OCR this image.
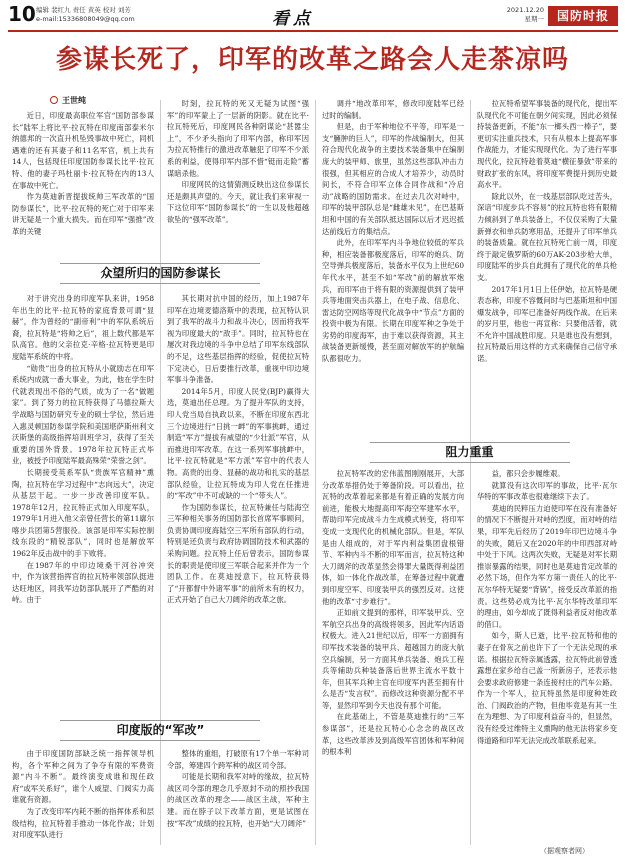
10 编辑 裴红九 责任 黄英 校对 刘芳
e-mail:15336808049@qq.com	看点	2021.12.20
星期一	国防时报
参谋长死了，印军的改革之路会人走茶凉吗
王世纯

近日，印度最高职位军官“国防部参谋长”陆军上将比平·拉瓦特在印度南部泰米尔纳德邦的一次直升机坠毁事故中死亡，同机遇难的还有其妻子和11名军官，机上共有14人，包括现任印度国防参谋长比平·拉瓦特、他的妻子玛杜丽卡·拉瓦特在内的13人在事故中死亡。

作为莫迪新晋提拔统帅三军改革的“国防参谋长”，比平·拉瓦特的死亡对于印军来讲无疑是一个重大损失。而在印军“强推”改革的关键

时刻，拉瓦特的死又无疑为试图“强军”的印军蒙上了一层新的阴影。就在比平·拉瓦特死后，印度网民各种阴谋论“甚嚣尘上”，不少矛头指向了印军内部，称印军因为拉瓦特推行的激进改革触犯了印军不少派系的利益，使得印军内部不惜“铤而走险”蓄谋暗杀他。

印度网民的这情猜测反映出这位参谋长还是颇具声望的。今天，就让我们来审视一下这位印军“国防参谋长”的一生以及他超越欲坠的“强军改革”。

众望所归的国防参谋长

对于讲究出身的印度军队来讲，1958年出生的比平·拉瓦特的家庭背景可谓“显赫”，作为曾经的“副帝利”中的军队系统后裔，拉瓦特是“将帅之后”，祖上数代都是军队高官。他的父亲拉克·辛格·拉瓦特更是印度陆军系统的中将。

“勋贵”出身的拉瓦特从小就励志在印军系统内成就一番大事业，为此，他在学生时代就表现出不俗的气质，成为了一名“做题家”。到了努力的拉瓦特获得了马德拉斯大学战略与国防研究专业的硕士学位，然后进入惠灵顿国防参谋学院和美国堪萨斯州利文沃斯堡的高级指挥培训班学习，获得了至关重要的国外背景。1978年拉瓦特正式毕业，被授予印度陆军最高殊荣“荣誉之剑”。

长期接受英系军队“贵族军官精神”熏陶，拉瓦特在学习过程中“志向远大”，决定从基层干起。一步一步改善印度军队。1978年12月，拉瓦特正式加入印度军队，1979年1月进入他父亲曾任营长的第11廓尔喀步兵团第5营服役。该部是印军实际控制线东段的“精锐部队”，同时也是解放军1962年反击战中的手下败将。

在1987年的中印边境桑干河谷冲突中，作为该营指挥官的拉瓦特率领部队挺进达旺地区，同我军边防部队展开了严酷的对峙。由于

其长期对抗中国的经历，加上1987年印军在边境麦德洛斯中的表现，拉瓦特认识到了我军的战斗力和战斗决心，因而将我军视为印度最大的“敌手”。同时，拉瓦特也在屡次对我边境的斗争中总结了印军东线部队的不足，这些基层指挥的经验，促使拉瓦特下定决心，日后要推行改革，重视中印边境军事斗争准备。

2014年5月，印度人民党(BJP)赢得大选，莫迪出任总理。为了提升军队的支持，印人党当局自执政以来，不断在印度东西北三个边境进行“日挑一衅”的军事挑衅，通过制造“军方”提拔有威望的“少壮派”军官，从而推进印军改革。在这一系列军事挑衅中，比平·拉瓦特就是“军方派”军官中的代表人物。高贵的出身、显赫的战功和扎实的基层部队经验，让拉瓦特成为印人党在任推进的“军改”中不可或缺的一个“带头人”。

作为国防参谋长，拉瓦特兼任与陆海空三军种相关事务的国防部长首席军事顾问，负责协调印度海陆空三军所有部队的行动，特别是还负责与政府协调国防技术和武器的采购问题。拉瓦特上任后曾表示，国防参谋长的职责是使印度三军联合起来并作为一个团队工作。在莫迪授意下，拉瓦特获得了“开都督中外诸军事”的前所未有的权力，正式开始了自己大刀阔斧的改革之旅。

印度版的“军改”

由于印度国防部缺乏统一指挥领导机构，各个军种之间为了争夺有限的军费资源“内斗不断”。最终演变成谁和现任政府“或军关系好”，谁个人威望、门阀实力高谁就有资源。

为了改变印军内耗不断的指挥体系和层级结构，拉瓦特着手推动一体化作战；计划对印度军队进行

整体的重组，打破原有17个单一军种司令部，筹建四个跨军种的战区司令部。

可能是长期和我军对峙的缘故，拉瓦特战区司令部的理念几乎原封不动的照抄我国的战区改革的理念——战区主战，军种主建。而在脖子以下改革方面，更是试图在按“军改”成绩的拉瓦特，也开始“大刀阔斧”

调并“地改革印军，修改印度陆军已经过时的编制。

但是，由于军种地位不平等，印军是一支“臃肿的巨人”，印军的作战编制大，但其符合现代化战争的主要技术装备集中在编制庞大的装甲师、旅里，虽然这些部队冲击力很强，但其相应的合成人才培养少，动员时间长，不符合印军立体合同作战和“冷启动”战略的国防需求。在过去几次对峙中，印军的装甲部队总是“雌雄未见”，在巴基斯坦和中国的有关部队抵达国际以后才迟迟抵达前线后方的集结点。

此外，在印军军内斗争地位较低的军兵种，相应装备都极度落后，印军的炮兵、防空导弹兵极度落后，装备水平仅为上世纪60年代水平，甚至不如“军改”前的解放军炮兵，而印军由于将有限的资源提供到了装甲兵等地面突击兵器上，在电子战、信息化、雷达防空网络等现代化战争中“节点”方面的投资中极为有限。长期在印度军种之争处于劣势的印度海军，由于难以获得资源，其主战装备更新缓慢，甚至面对解放军的护航编队都很吃力。

拉瓦特希望军事装备的现代化，提出军队现代化不可能在朝夕间实现，因此必须保持装备更新，不能“东一榔头西一棒子”，要更切实注重兵技术，只有从根本上提高军事作战能力，才能实现现代化。为了进行军事现代化，拉瓦特趁着莫迪“横征暴敛”带来的财政扩张的东风，将印度军费提升到历史最高水平。

除此以外，在一线基层部队吃过苦头，深谙“印度步兵不容易”的拉瓦特也将有限精力倾斜到了单兵装备上，不仅仅采购了大量新弹衣和单兵防寒用品，还提升了印军单兵的装备质量。就在拉瓦特死亡前一周，印度终于敲定俄罗斯的60万AK-203步枪大单，印度陆军的步兵自此拥有了现代化的单兵枪支。

2017年1月1日上任伊始，拉瓦特是硬表态称，印度不容慨问时与巴基斯坦和中国爆发战争，印军已准备好两线作战。在后来的岁月里，他也一再宣称：只要他活着，就不允许中国战胜印度。只是谁也没有想到，拉瓦特最后用这样的方式来确保自己信守承诺。

阻力重重

拉瓦特军改的宏伟蓝图刚刚展开，大部分改革举措仍处于筹备阶段。可以看出，拉瓦特的改革着起来都是有着正确的发展方向前进，能极大地提高印军海空军建军水平，帮助印军完成战斗力生成模式转变，将印军变成一支现代化的机械化部队。但是，军队是由人组成的，对于军内利益集团盘根错节、军种内斗不断的印军而言，拉瓦特这种大刀阔斧的改革显然会得罪大量既得利益团体，如一体化作战改革，在筹备过程中就遭到印度空军、印度装甲兵的强烈反对。这使他的改革“寸步难行”。

正如前文提到的那样，印军装甲兵、空军航空兵出身的高级将领多，因此军内话语权极大。进入21世纪以后，印军一方面拥有印军技术装备的装甲兵、超越国力的庞大航空兵编制，另一方面其单兵装备、炮兵工程兵等辅助兵种装备落后世界主流水平数十年，但其军兵种主官在印度军内甚至拥有什么是否“发言权”。而修改这种资源分配不平等，显然印军到今天也没有那个可能。

在此基础上，不管是莫迪推行的“三军参谋部”，还是拉瓦特心心念念的战区改革，这些改革涉及到高级军官团体和军种间的根本利

益，都只会步履维艰。

就算没有这次印军的事故，比平·瓦尔华特的军事改革也很难继续下去了。

莫迪的民粹压力迫使印军在没有准备好的情况下不断提升对峙的烈度，而对峙的结果，印军先后经历了2019年印巴边境斗争的失败，随后又在2020年的中印西部对峙中处于下风。这两次失败，无疑是对军长期推崇暴露的结果，同时也是莫迪肯定改革的必然下场，但作为军方第一责任人的比平·瓦尔华特无疑要“背锅”，接受反改革派的指责。这些势必成为比平·瓦尔华特改革印军的理由，如今却成了既得利益者反对他改革的借口。

如今，斯人已逝，比平·拉瓦特和他的妻子在骨灰之前也许下了一个无法兑现的承诺。根据拉瓦特亲属透露，拉瓦特此前曾透露想在家乡给自己盖一所新房子，还表示他会要求政府修建一条连接村庄的汽车公路。作为一个军人，拉瓦特虽然是印度种姓政治、门阀政治的产物，但他毕竟是有其一生在为理想、为了印度利益奋斗的，但显然，没有经受过维特主义熏陶的他无法将家乡变得道路和印军无法完成改革联系起来。

（据观察者网）
